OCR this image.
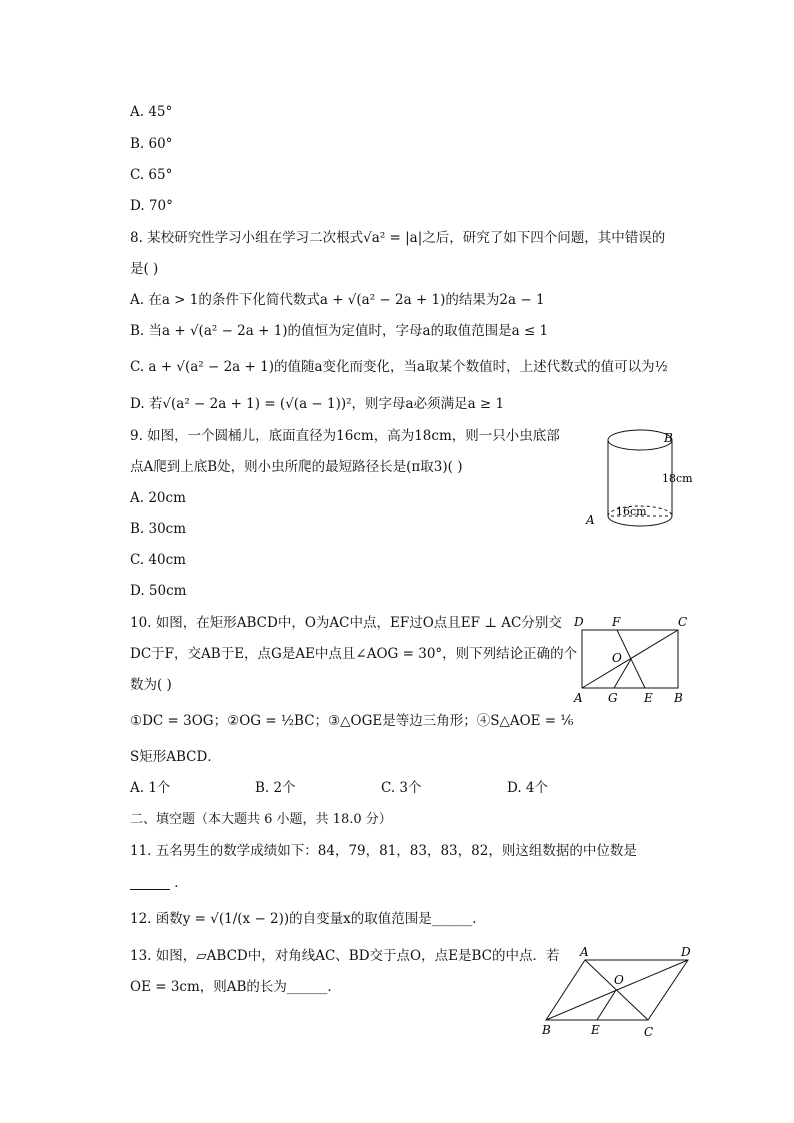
A. 45°
B. 60°
C. 65°
D. 70°
8. 某校研究性学习小组在学习二次根式√a² = |a|之后，研究了如下四个问题，其中错误的
是( )
A. 在a > 1的条件下化简代数式a + √(a² − 2a + 1)的结果为2a − 1
B. 当a + √(a² − 2a + 1)的值恒为定值时，字母a的取值范围是a ≤ 1
C. a + √(a² − 2a + 1)的值随a变化而变化，当a取某个数值时，上述代数式的值可以为½
D. 若√(a² − 2a + 1) = (√(a − 1))²，则字母a必须满足a ≥ 1
9. 如图，一个圆桶儿，底面直径为16cm，高为18cm，则一只小虫底部
点A爬到上底B处，则小虫所爬的最短路径长是(π取3)( )
A. 20cm
B. 30cm
C. 40cm
D. 50cm
B
A
18cm
16cm
10. 如图，在矩形ABCD中，O为AC中点，EF过O点且EF ⊥ AC分别交
DC于F，交AB于E，点G是AE中点且∠AOG = 30°，则下列结论正确的个
数为( )
①DC = 3OG；②OG = ½BC；③△OGE是等边三角形；④S△AOE = ⅙
S矩形ABCD．
A. 1个	B. 2个	C. 3个	D. 4个
D F	C
O
A G E B
二、填空题（本大题共 6 小题，共 18.0 分）
11. 五名男生的数学成绩如下：84，79，81，83，83，82，则这组数据的中位数是
．
12. 函数y = √(1/(x − 2))的自变量x的取值范围是______．
13. 如图，▱ABCD中，对角线AC、BD交于点O，点E是BC的中点．若
OE = 3cm，则AB的长为______．
A	D
O
B	E	C
